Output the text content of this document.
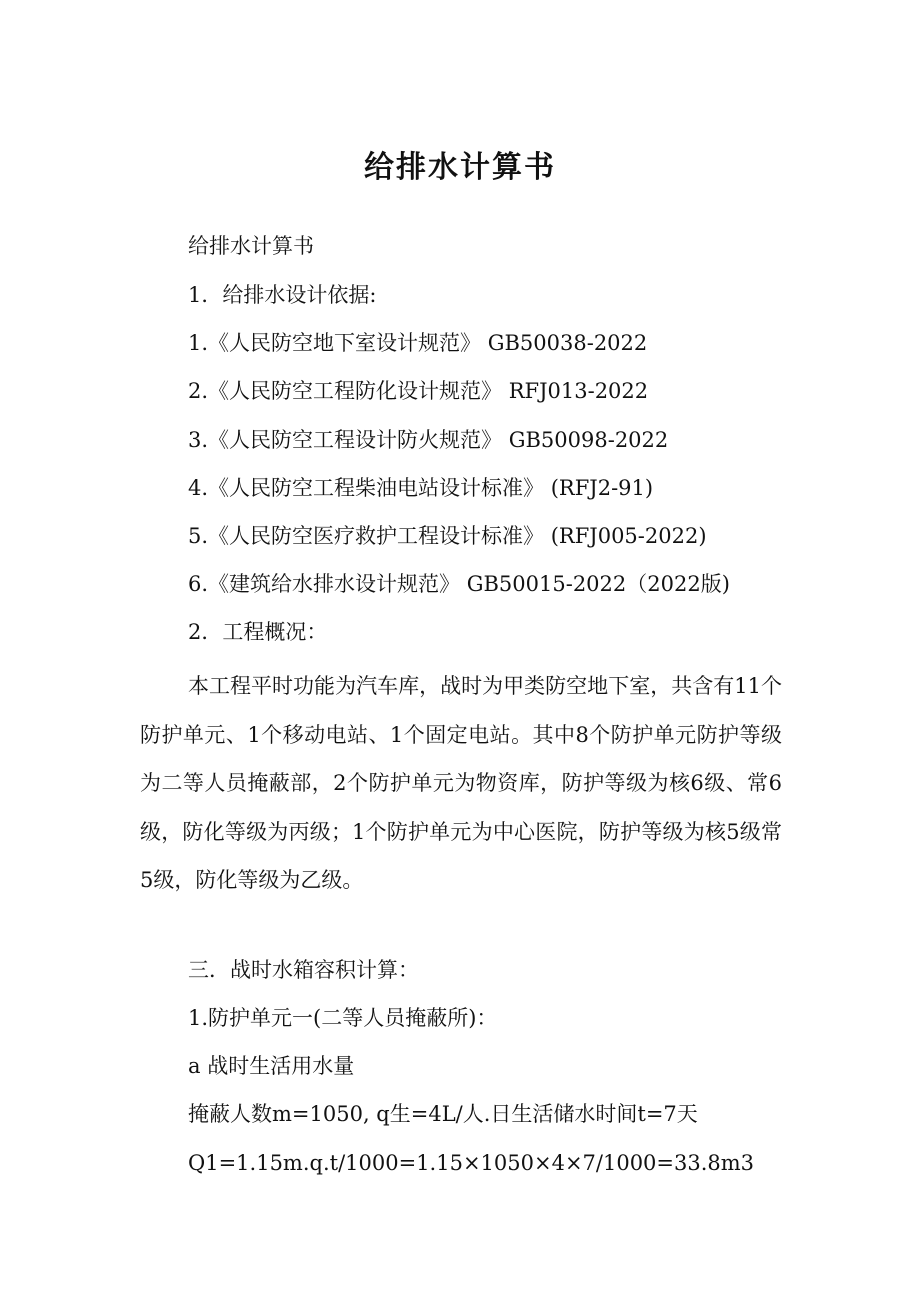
给排水计算书
给排水计算书
1．给排水设计依据:
1.《人民防空地下室设计规范》 GB50038-2022
2.《人民防空工程防化设计规范》 RFJ013-2022
3.《人民防空工程设计防火规范》 GB50098-2022
4.《人民防空工程柴油电站设计标准》 (RFJ2-91)
5.《人民防空医疗救护工程设计标准》 (RFJ005-2022)
6.《建筑给水排水设计规范》 GB50015-2022（2022版)
2．工程概况：

本工程平时功能为汽车库，战时为甲类防空地下室，共含有11个防护单元、1个移动电站、1个固定电站。其中8个防护单元防护等级为二等人员掩蔽部，2个防护单元为物资库，防护等级为核6级、常6级，防化等级为丙级；1个防护单元为中心医院，防护等级为核5级常5级，防化等级为乙级。

三．战时水箱容积计算：
1.防护单元一(二等人员掩蔽所)：
a 战时生活用水量
掩蔽人数m=1050, q生=4L/人.日生活储水时间t=7天
Q1=1.15m.q.t/1000=1.15×1050×4×7/1000=33.8m3
